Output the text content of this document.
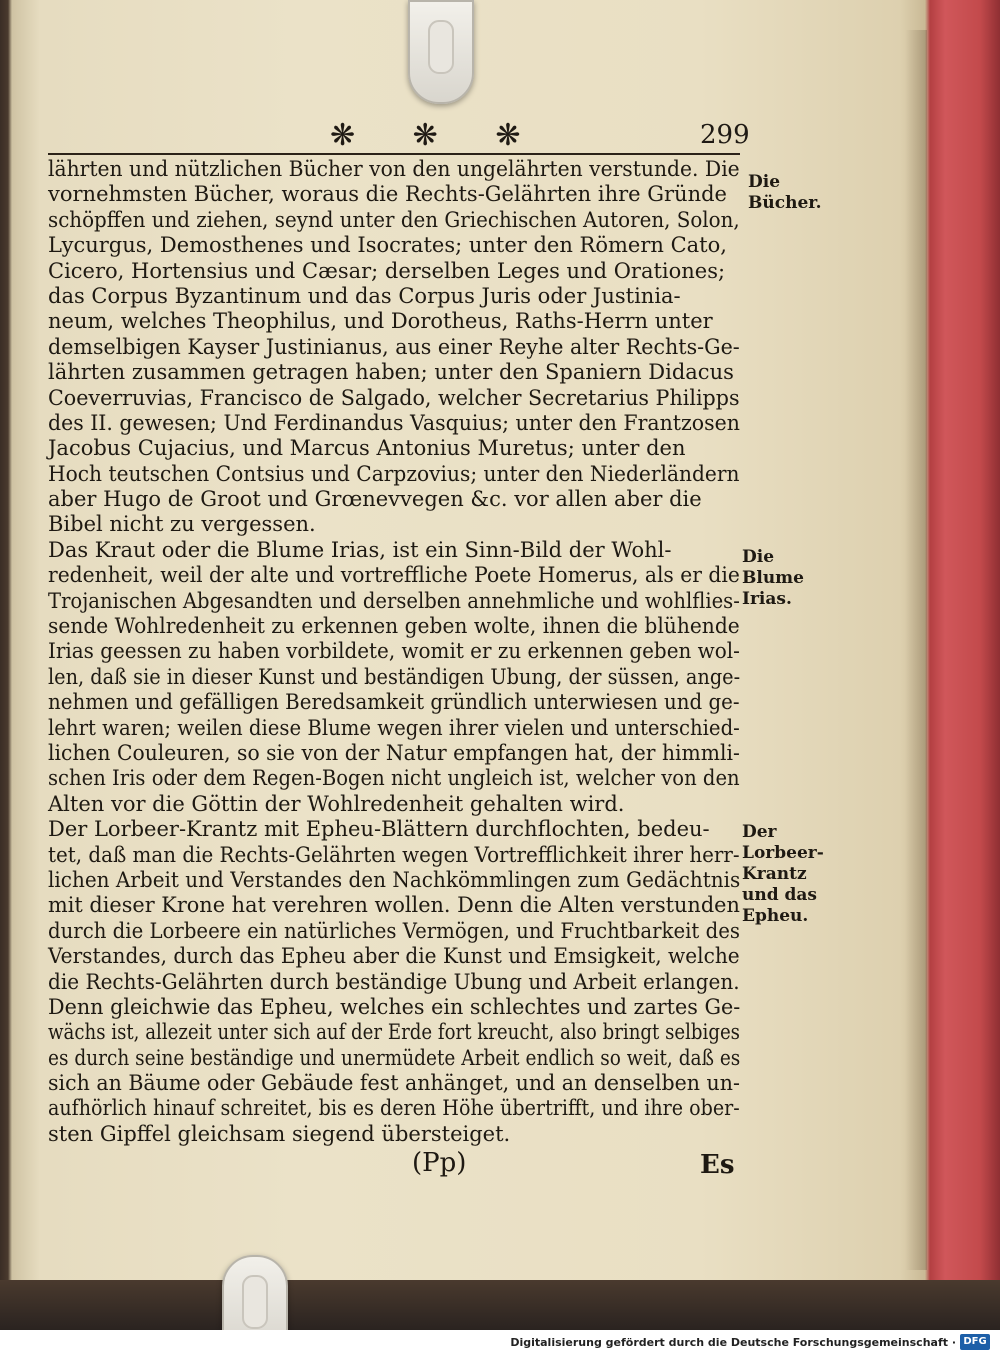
❋ ❋ ❋	299
lährten und nützlichen Bücher von den ungelährten verstunde. Die
vornehmsten Bücher, woraus die Rechts-Gelährten ihre Gründe
schöpffen und ziehen, seynd unter den Griechischen Autoren, Solon,
Lycurgus, Demosthenes und Isocrates; unter den Römern Cato,
Cicero, Hortensius und Cæsar; derselben Leges und Orationes;
das Corpus Byzantinum und das Corpus Juris oder Justinia-
neum, welches Theophilus, und Dorotheus, Raths-Herrn unter
demselbigen Kayser Justinianus, aus einer Reyhe alter Rechts-Ge-
lährten zusammen getragen haben; unter den Spaniern Didacus
Coeverruvias, Francisco de Salgado, welcher Secretarius Philipps
des II. gewesen; Und Ferdinandus Vasquius; unter den Frantzosen
Jacobus Cujacius, und Marcus Antonius Muretus; unter den
Hoch teutschen Contsius und Carpzovius; unter den Niederländern
aber Hugo de Groot und Grœnevvegen &c. vor allen aber die
Bibel nicht zu vergessen.
Das Kraut oder die Blume Irias, ist ein Sinn-Bild der Wohl-
redenheit, weil der alte und vortreffliche Poete Homerus, als er die
Trojanischen Abgesandten und derselben annehmliche und wohlflies-
sende Wohlredenheit zu erkennen geben wolte, ihnen die blühende
Irias geessen zu haben vorbildete, womit er zu erkennen geben wol-
len, daß sie in dieser Kunst und beständigen Ubung, der süssen, ange-
nehmen und gefälligen Beredsamkeit gründlich unterwiesen und ge-
lehrt waren; weilen diese Blume wegen ihrer vielen und unterschied-
lichen Couleuren, so sie von der Natur empfangen hat, der himmli-
schen Iris oder dem Regen-Bogen nicht ungleich ist, welcher von den
Alten vor die Göttin der Wohlredenheit gehalten wird.
Der Lorbeer-Krantz mit Epheu-Blättern durchflochten, bedeu-
tet, daß man die Rechts-Gelährten wegen Vortrefflichkeit ihrer herr-
lichen Arbeit und Verstandes den Nachkömmlingen zum Gedächtnis
mit dieser Krone hat verehren wollen. Denn die Alten verstunden
durch die Lorbeere ein natürliches Vermögen, und Fruchtbarkeit des
Verstandes, durch das Epheu aber die Kunst und Emsigkeit, welche
die Rechts-Gelährten durch beständige Ubung und Arbeit erlangen.
Denn gleichwie das Epheu, welches ein schlechtes und zartes Ge-
wächs ist, allezeit unter sich auf der Erde fort kreucht, also bringt selbiges
es durch seine beständige und unermüdete Arbeit endlich so weit, daß es
sich an Bäume oder Gebäude fest anhänget, und an denselben un-
aufhörlich hinauf schreitet, bis es deren Höhe übertrifft, und ihre ober-
sten Gipffel gleichsam siegend übersteiget.
Die Bücher.
Die Blume Irias.
Der Lorbeer-Krantz und das Epheu.
(Pp)	Es
Digitalisierung gefördert durch die Deutsche Forschungsgemeinschaft · DFG
